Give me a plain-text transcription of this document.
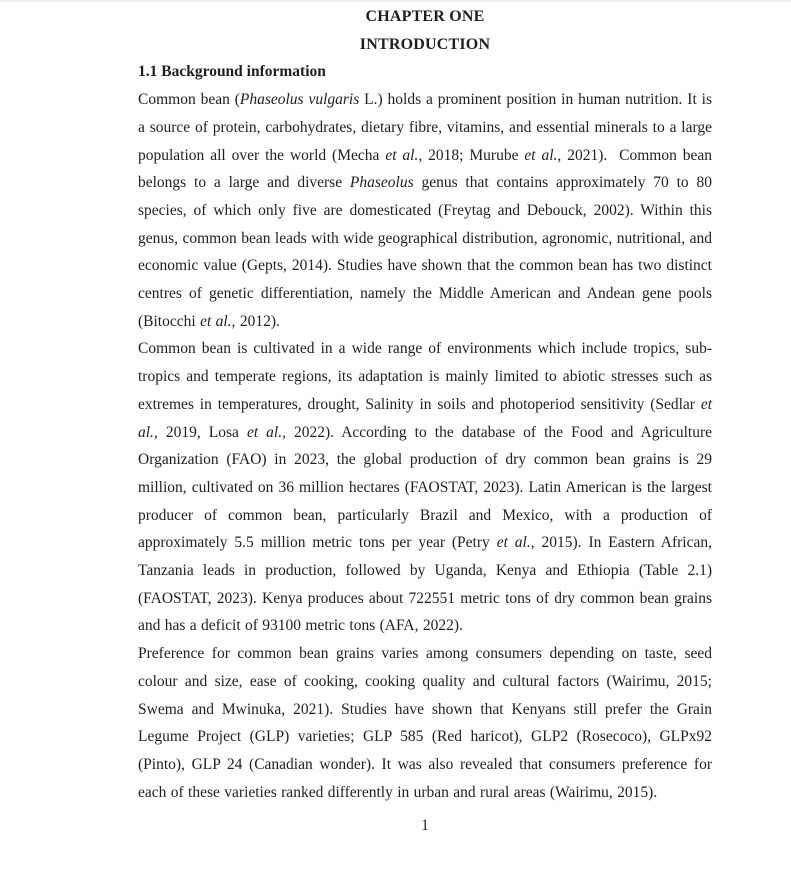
CHAPTER ONE
INTRODUCTION
1.1 Background information

Common bean (Phaseolus vulgaris L.) holds a prominent position in human nutrition. It is a source of protein, carbohydrates, dietary fibre, vitamins, and essential minerals to a large population all over the world (Mecha et al., 2018; Murube et al., 2021).  Common bean belongs to a large and diverse Phaseolus genus that contains approximately 70 to 80 species, of which only five are domesticated (Freytag and Debouck, 2002). Within this genus, common bean leads with wide geographical distribution, agronomic, nutritional, and economic value (Gepts, 2014). Studies have shown that the common bean has two distinct centres of genetic differentiation, namely the Middle American and Andean gene pools (Bitocchi et al., 2012).

Common bean is cultivated in a wide range of environments which include tropics, sub-tropics and temperate regions, its adaptation is mainly limited to abiotic stresses such as extremes in temperatures, drought, Salinity in soils and photoperiod sensitivity (Sedlar et al., 2019, Losa et al., 2022). According to the database of the Food and Agriculture Organization (FAO) in 2023, the global production of dry common bean grains is 29 million, cultivated on 36 million hectares (FAOSTAT, 2023). Latin American is the largest producer of common bean, particularly Brazil and Mexico, with a production of approximately 5.5 million metric tons per year (Petry et al., 2015). In Eastern African, Tanzania leads in production, followed by Uganda, Kenya and Ethiopia (Table 2.1) (FAOSTAT, 2023). Kenya produces about 722551 metric tons of dry common bean grains and has a deficit of 93100 metric tons (AFA, 2022).

Preference for common bean grains varies among consumers depending on taste, seed colour and size, ease of cooking, cooking quality and cultural factors (Wairimu, 2015; Swema and Mwinuka, 2021). Studies have shown that Kenyans still prefer the Grain Legume Project (GLP) varieties; GLP 585 (Red haricot), GLP2 (Rosecoco), GLPx92 (Pinto), GLP 24 (Canadian wonder). It was also revealed that consumers preference for each of these varieties ranked differently in urban and rural areas (Wairimu, 2015).

1
